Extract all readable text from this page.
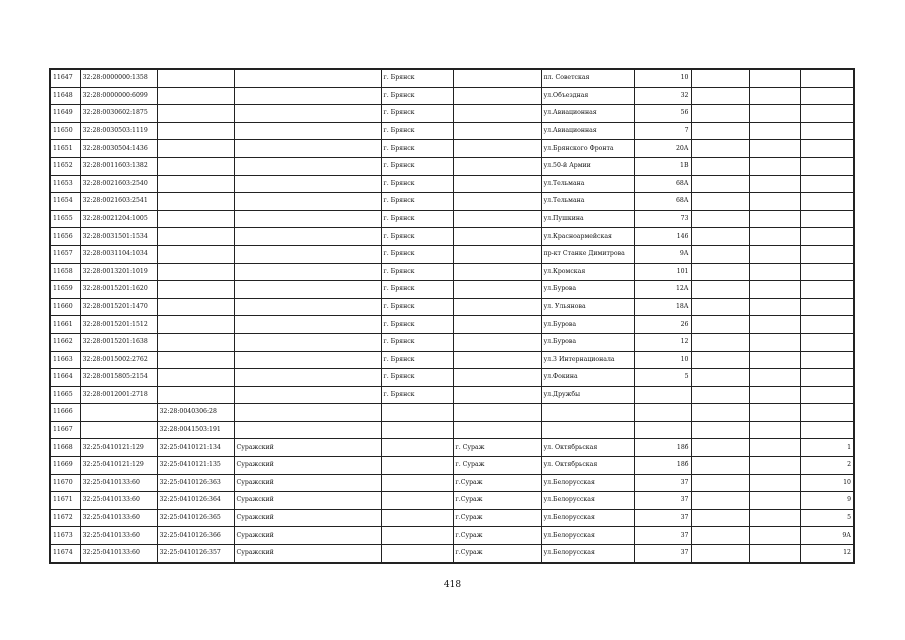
11647	32:28:0000000:1358			г. Брянск		пл. Советская	10			
11648	32:28:0000000:6099			г. Брянск		ул.Объездная	32			
11649	32:28:0030602:1875			г. Брянск		ул.Авиационная	56			
11650	32:28:0030503:1119			г. Брянск		ул.Авиационная	7			
11651	32:28:0030504:1436			г. Брянск		ул.Брянского Фронта	20А			
11652	32:28:0011603:1382			г. Брянск		ул.50-й Армии	1В			
11653	32:28:0021603:2540			г. Брянск		ул.Тельмана	68А			
11654	32:28:0021603:2541			г. Брянск		ул.Тельмана	68А			
11655	32:28:0021204:1005			г. Брянск		ул.Пушкина	73			
11656	32:28:0031501:1534			г. Брянск		ул.Красноармейская	146			
11657	32:28:0031104:1034			г. Брянск		пр-кт Станке Димитрова	9А			
11658	32:28:0013201:1019			г. Брянск		ул.Кромская	101			
11659	32:28:0015201:1620			г. Брянск		ул.Бурова	12А			
11660	32:28:0015201:1470			г. Брянск		ул. Ульянова	18А			
11661	32:28:0015201:1512			г. Брянск		ул.Бурова	26			
11662	32:28:0015201:1638			г. Брянск		ул.Бурова	12			
11663	32:28:0015002:2762			г. Брянск		ул.3 Интернационала	10			
11664	32:28:0015805:2154			г. Брянск		ул.Фокина	5			
11665	32:28:0012001:2718			г. Брянск		ул.Дружбы				
11666		32:28:0040306:28								
11667		32:28:0041503:191								
11668	32:25:0410121:129	32:25:0410121:134	Суражский		г. Сураж	ул. Октябрьская	18б			1
11669	32:25:0410121:129	32:25:0410121:135	Суражский		г. Сураж	ул. Октябрьская	18б			2
11670	32:25:0410133:60	32:25:0410126:363	Суражский		г.Сураж	ул.Белорусская	37			10
11671	32:25:0410133:60	32:25:0410126:364	Суражский		г.Сураж	ул.Белорусская	37			9
11672	32:25:0410133:60	32:25:0410126:365	Суражский		г.Сураж	ул.Белорусская	37			5
11673	32:25:0410133:60	32:25:0410126:366	Суражский		г.Сураж	ул.Белорусская	37			9А
11674	32:25:0410133:60	32:25:0410126:357	Суражский		г.Сураж	ул.Белорусская	37			12
418
